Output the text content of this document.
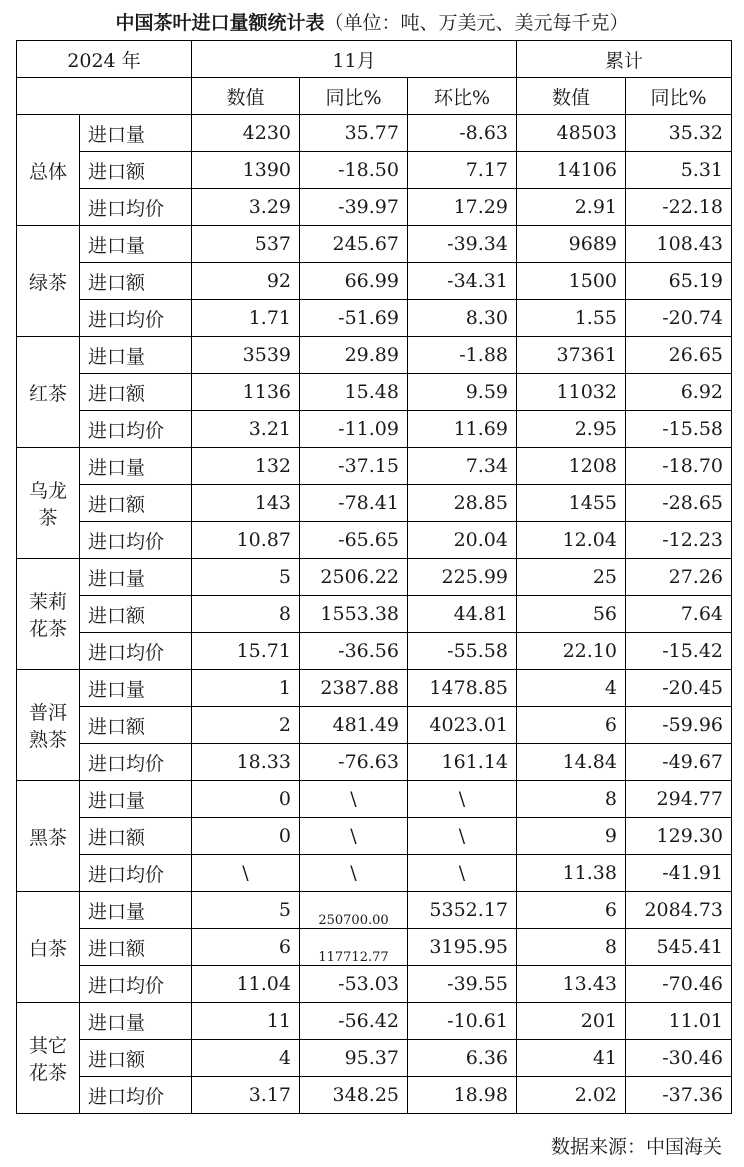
中国茶叶进口量额统计表（单位：吨、万美元、美元每千克）
2024 年		11月			累计	
		数值	同比%	环比%	数值	同比%

总体	进口量	4230	35.77	-8.63	48503	35.32
	进口额	1390	-18.50	7.17	14106	5.31
	进口均价	3.29	-39.97	17.29	2.91	-22.18

绿茶	进口量	537	245.67	-39.34	9689	108.43
	进口额	92	66.99	-34.31	1500	65.19
	进口均价	1.71	-51.69	8.30	1.55	-20.74

红茶	进口量	3539	29.89	-1.88	37361	26.65
	进口额	1136	15.48	9.59	11032	6.92
	进口均价	3.21	-11.09	11.69	2.95	-15.58

乌龙
茶	进口量	132	-37.15	7.34	1208	-18.70
	进口额	143	-78.41	28.85	1455	-28.65
	进口均价	10.87	-65.65	20.04	12.04	-12.23

茉莉
花茶	进口量	5	2506.22	225.99	25	27.26
	进口额	8	1553.38	44.81	56	7.64
	进口均价	15.71	-36.56	-55.58	22.10	-15.42

普洱
熟茶	进口量	1	2387.88	1478.85	4	-20.45
	进口额	2	481.49	4023.01	6	-59.96
	进口均价	18.33	-76.63	161.14	14.84	-49.67

黑茶	进口量	0	\	\	8	294.77
	进口额	0	\	\	9	129.30
	进口均价	\	\	\	11.38	-41.91

白茶	进口量	5	250700.00	5352.17	6	2084.73
	进口额	6	117712.77	3195.95	8	545.41
	进口均价	11.04	-53.03	-39.55	13.43	-70.46

其它
花茶	进口量	11	-56.42	-10.61	201	11.01
	进口额	4	95.37	6.36	41	-30.46
	进口均价	3.17	348.25	18.98	2.02	-37.36
数据来源：中国海关
